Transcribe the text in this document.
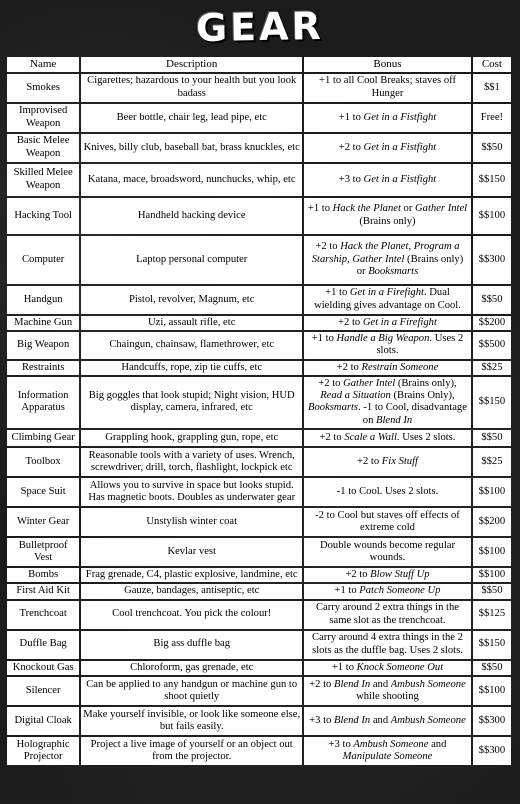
GEAR
Name	Description	Bonus	Cost
Smokes	Cigarettes; hazardous to your health but you look badass	+1 to all Cool Breaks; staves off Hunger	$$1
Improvised Weapon	Beer bottle, chair leg, lead pipe, etc	+1 to Get in a Fistfight	Free!
Basic Melee Weapon	Knives, billy club, baseball bat, brass knuckles, etc	+2 to Get in a Fistfight	$$50
Skilled Melee Weapon	Katana, mace, broadsword, nunchucks, whip, etc	+3 to Get in a Fistfight	$$150
Hacking Tool	Handheld hacking device	+1 to Hack the Planet or Gather Intel (Brains only)	$$100
Computer	Laptop personal computer	+2 to Hack the Planet, Program a Starship, Gather Intel (Brains only) or Booksmarts	$$300
Handgun	Pistol, revolver, Magnum, etc	+1 to Get in a Firefight. Dual wielding gives advantage on Cool.	$$50
Machine Gun	Uzi, assault rifle, etc	+2 to Get in a Firefight	$$200
Big Weapon	Chaingun, chainsaw, flamethrower, etc	+1 to Handle a Big Weapon. Uses 2 slots.	$$500
Restraints	Handcuffs, rope, zip tie cuffs, etc	+2 to Restrain Someone	$$25
Information Apparatus	Big goggles that look stupid; Night vision, HUD display, camera, infrared, etc	+2 to Gather Intel (Brains only), Read a Situation (Brains Only), Booksmarts. -1 to Cool, disadvantage on Blend In	$$150
Climbing Gear	Grappling hook, grappling gun, rope, etc	+2 to Scale a Wall. Uses 2 slots.	$$50
Toolbox	Reasonable tools with a variety of uses. Wrench, screwdriver, drill, torch, flashlight, lockpick etc	+2 to Fix Stuff	$$25
Space Suit	Allows you to survive in space but looks stupid. Has magnetic boots. Doubles as underwater gear	-1 to Cool. Uses 2 slots.	$$100
Winter Gear	Unstylish winter coat	-2 to Cool but staves off effects of extreme cold	$$200
Bulletproof Vest	Kevlar vest	Double wounds become regular wounds.	$$100
Bombs	Frag grenade, C4, plastic explosive, landmine, etc	+2 to Blow Stuff Up	$$100
First Aid Kit	Gauze, bandages, antiseptic, etc	+1 to Patch Someone Up	$$50
Trenchcoat	Cool trenchcoat. You pick the colour!	Carry around 2 extra things in the same slot as the trenchcoat.	$$125
Duffle Bag	Big ass duffle bag	Carry around 4 extra things in the 2 slots as the duffle bag. Uses 2 slots.	$$150
Knockout Gas	Chloroform, gas grenade, etc	+1 to Knock Someone Out	$$50
Silencer	Can be applied to any handgun or machine gun to shoot quietly	+2 to Blend In and Ambush Someone while shooting	$$100
Digital Cloak	Make yourself invisible, or look like someone else, but fails easily.	+3 to Blend In and Ambush Someone	$$300
Holographic Projector	Project a live image of yourself or an object out from the projector.	+3 to Ambush Someone and Manipulate Someone	$$300
